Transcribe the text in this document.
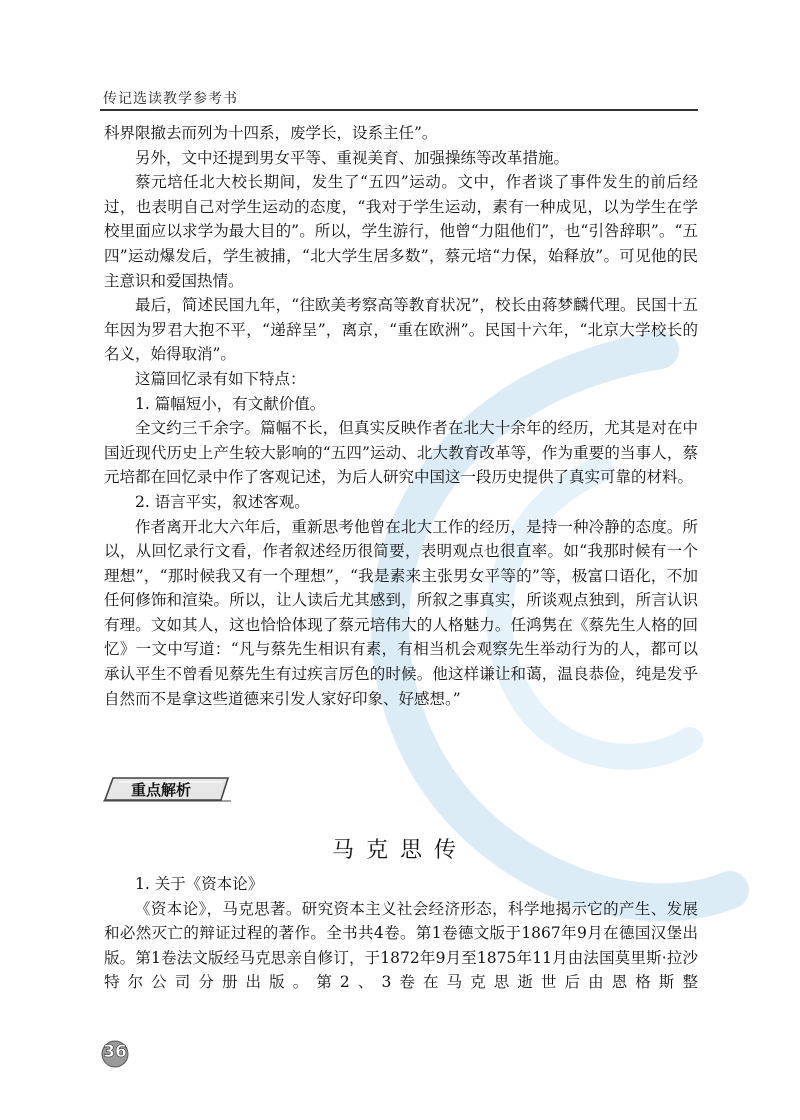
传记选读教学参考书

科界限撤去而列为十四系，废学长，设系主任”。

另外，文中还提到男女平等、重视美育、加强操练等改革措施。

蔡元培任北大校长期间，发生了“五四”运动。文中，作者谈了事件发生的前后经过，也表明自己对学生运动的态度，“我对于学生运动，素有一种成见，以为学生在学校里面应以求学为最大目的”。所以，学生游行，他曾“力阻他们”，也“引咎辞职”。“五四”运动爆发后，学生被捕，“北大学生居多数”，蔡元培“力保，始释放”。可见他的民主意识和爱国热情。

最后，简述民国九年，“往欧美考察高等教育状况”，校长由蒋梦麟代理。民国十五年因为罗君大抱不平，“递辞呈”，离京，“重在欧洲”。民国十六年，“北京大学校长的名义，始得取消”。

这篇回忆录有如下特点：

1. 篇幅短小，有文献价值。

全文约三千余字。篇幅不长，但真实反映作者在北大十余年的经历，尤其是对在中国近现代历史上产生较大影响的“五四”运动、北大教育改革等，作为重要的当事人，蔡元培都在回忆录中作了客观记述，为后人研究中国这一段历史提供了真实可靠的材料。

2. 语言平实，叙述客观。

作者离开北大六年后，重新思考他曾在北大工作的经历，是持一种冷静的态度。所以，从回忆录行文看，作者叙述经历很简要，表明观点也很直率。如“我那时候有一个理想”，“那时候我又有一个理想”，“我是素来主张男女平等的”等，极富口语化，不加任何修饰和渲染。所以，让人读后尤其感到，所叙之事真实，所谈观点独到，所言认识有理。文如其人，这也恰恰体现了蔡元培伟大的人格魅力。任鸿隽在《蔡先生人格的回忆》一文中写道：“凡与蔡先生相识有素，有相当机会观察先生举动行为的人，都可以承认平生不曾看见蔡先生有过疾言厉色的时候。他这样谦让和蔼，温良恭俭，纯是发乎自然而不是拿这些道德来引发人家好印象、好感想。”

重点解析
马克思传

1. 关于《资本论》

《资本论》，马克思著。研究资本主义社会经济形态，科学地揭示它的产生、发展和必然灭亡的辩证过程的著作。全书共4卷。第1卷德文版于1867年9月在德国汉堡出版。第1卷法文版经马克思亲自修订，于1872年9月至1875年11月由法国莫里斯·拉沙特尔公司分册出版。第2、3卷在马克思逝世后由恩格斯整

36
